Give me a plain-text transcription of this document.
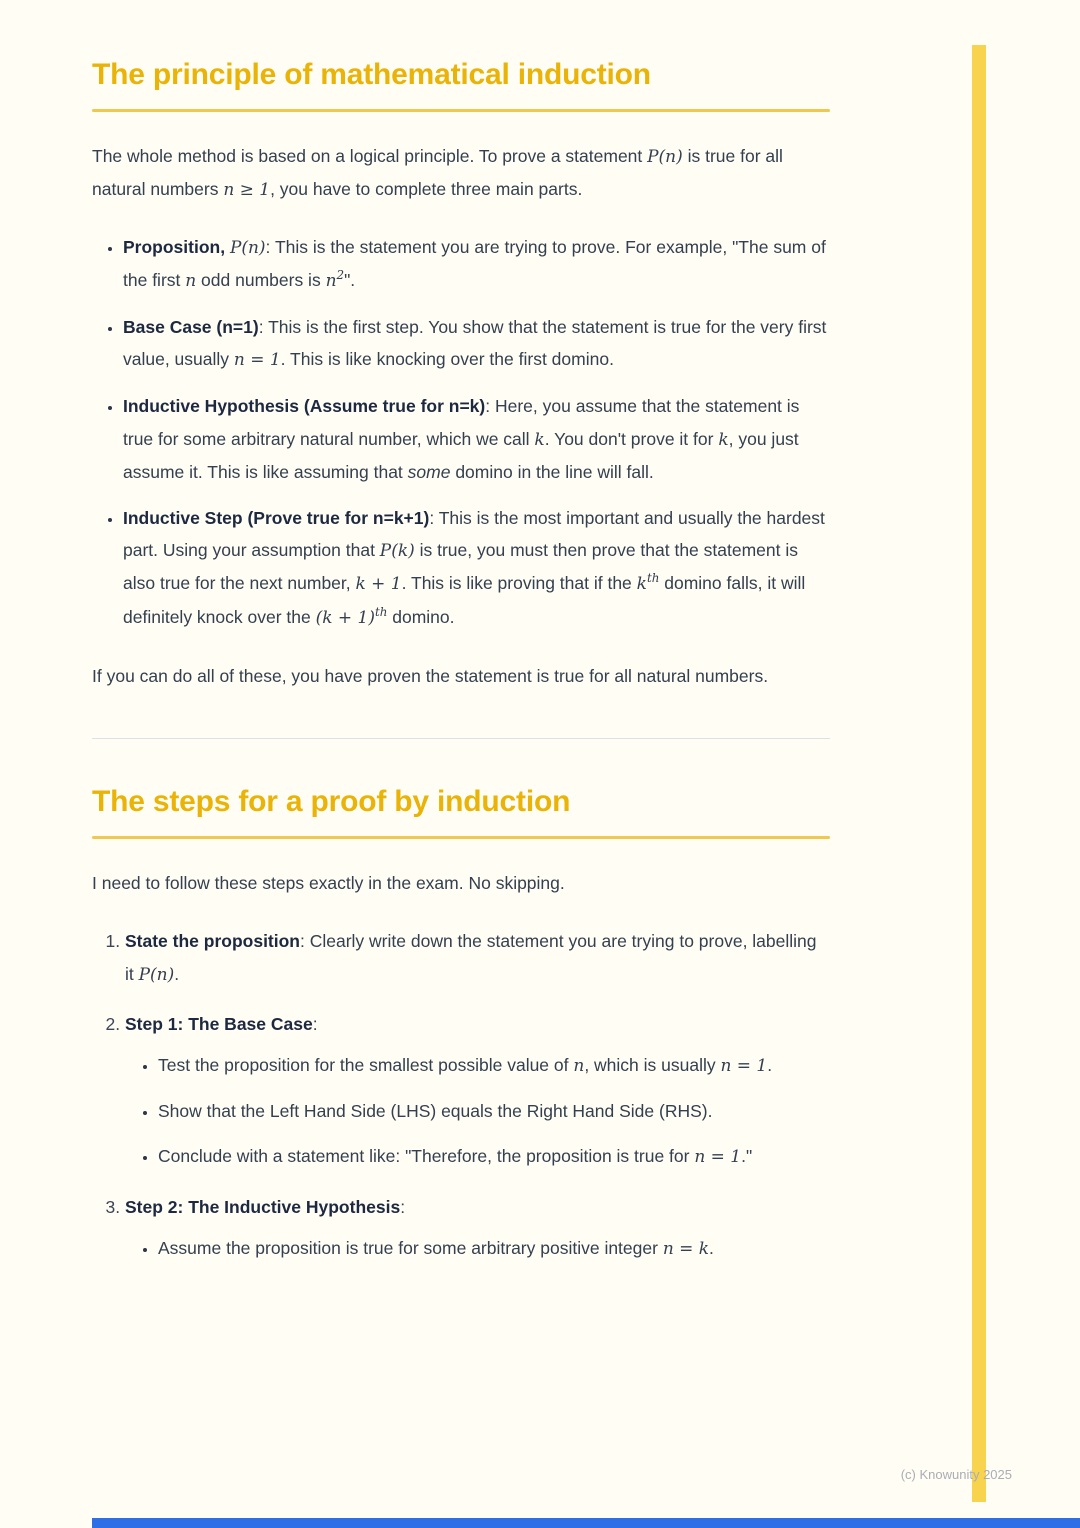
The principle of mathematical induction

The whole method is based on a logical principle. To prove a statement P(n) is true for all natural numbers n ≥ 1, you have to complete three main parts.

• Proposition, P(n): This is the statement you are trying to prove. For example, "The sum of the first n odd numbers is $n^2$".
• Base Case (n=1): This is the first step. You show that the statement is true for the very first value, usually n = 1. This is like knocking over the first domino.
• Inductive Hypothesis (Assume true for n=k): Here, you assume that the statement is true for some arbitrary natural number, which we call k. You don't prove it for k, you just assume it. This is like assuming that some domino in the line will fall.
• Inductive Step (Prove true for n=k+1): This is the most important and usually the hardest part. Using your assumption that P(k) is true, you must then prove that the statement is also true for the next number, k + 1. This is like proving that if the $k^{th}$ domino falls, it will definitely knock over the $(k + 1)^{th}$ domino.

If you can do all of these, you have proven the statement is true for all natural numbers.

The steps for a proof by induction

I need to follow these steps exactly in the exam. No skipping.

1. State the proposition: Clearly write down the statement you are trying to prove, labelling it P(n).
2. Step 1: The Base Case:
• Test the proposition for the smallest possible value of n, which is usually n = 1.
• Show that the Left Hand Side (LHS) equals the Right Hand Side (RHS).
• Conclude with a statement like: "Therefore, the proposition is true for n = 1."
3. Step 2: The Inductive Hypothesis:
• Assume the proposition is true for some arbitrary positive integer n = k.
(c) Knowunity 2025
